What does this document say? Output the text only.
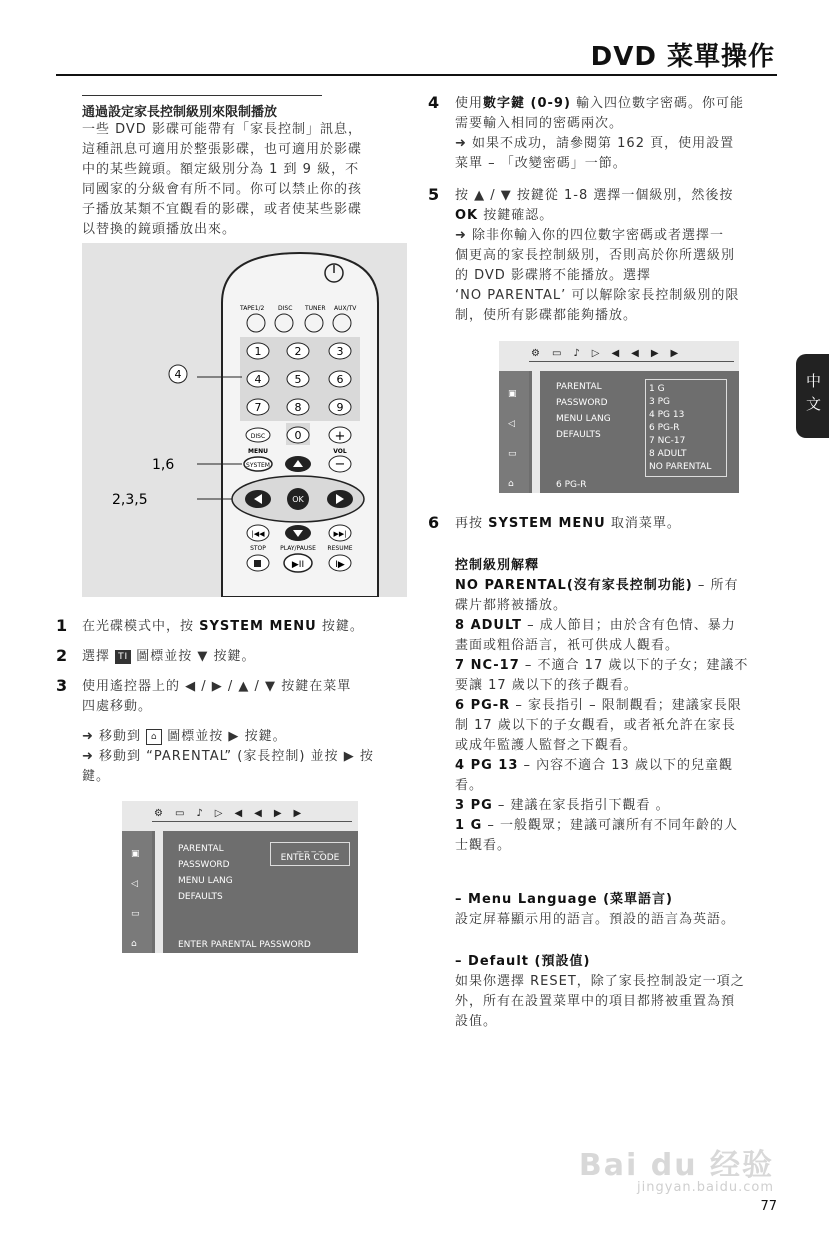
DVD 菜單操作
中文
通過設定家長控制級別來限制播放

一些 DVD 影碟可能帶有「家長控制」訊息，

這種訊息可適用於整張影碟，也可適用於影碟

中的某些鏡頭。額定級別分為 1 到 9 級，不

同國家的分級會有所不同。你可以禁止你的孩

子播放某類不宜觀看的影碟，或者使某些影碟

以替換的鏡頭播放出來。

TAPE1/2 DISC TUNER AUX/TV
1	2	3
4	5	6
7	8	9
0
DISC
MENU
SYSTEM
+
VOL
−
OK
|◀◀	▶▶|
STOP PLAY/PAUSE RESUME
▶II	I▶
4
1,6
2,3,5
1 在光碟模式中，按 SYSTEM MENU 按鍵。
2 選擇 TI 圖標並按 ▼ 按鍵。
3 使用遙控器上的 ◀ / ▶ / ▲ / ▼ 按鍵在菜單

四處移動。

➜ 移動到 ⌂ 圖標並按 ▶ 按鍵。

➜ 移動到 “PARENTAL” (家長控制) 並按 ▶ 按

鍵。

⚙▭♪▷◀◀▶▶
▣
◁
▭
⌂
PARENTAL
PASSWORD
MENU LANG
DEFAULTS
_ _ _ _
ENTER CODE
ENTER PARENTAL PASSWORD
4 使用數字鍵 (0-9) 輸入四位數字密碼。你可能

需要輸入相同的密碼兩次。

➜ 如果不成功，請參閱第 162 頁，使用設置

菜單 – 「改變密碼」一節。

5 按 ▲ / ▼ 按鍵從 1-8 選擇一個級別，然後按

OK 按鍵確認。

➜ 除非你輸入你的四位數字密碼或者選擇一

個更高的家長控制級別，否則高於你所選級別

的 DVD 影碟將不能播放。選擇

‘NO PARENTAL’ 可以解除家長控制級別的限

制，使所有影碟都能夠播放。

⚙▭♪▷◀◀▶▶
▣
◁
▭
⌂
PARENTAL
PASSWORD
MENU LANG
DEFAULTS
1 G
3 PG
4 PG 13
6 PG-R
7 NC-17
8 ADULT
NO PARENTAL
6 PG-R
6 再按 SYSTEM MENU 取消菜單。

控制級別解釋

NO PARENTAL(沒有家長控制功能) – 所有

碟片都將被播放。

8 ADULT – 成人節目；由於含有色情、暴力

畫面或粗俗語言，衹可供成人觀看。

7 NC-17 – 不適合 17 歲以下的子女；建議不

要讓 17 歲以下的孩子觀看。

6 PG-R – 家長指引 – 限制觀看；建議家長限

制 17 歲以下的子女觀看，或者衹允許在家長

或成年監護人監督之下觀看。

4 PG 13 – 內容不適合 13 歲以下的兒童觀

看。

3 PG – 建議在家長指引下觀看 。

1 G – 一般觀眾；建議可讓所有不同年齡的人

士觀看。

– Menu Language (菜單語言)

設定屏幕顯示用的語言。預設的語言為英語。

– Default (預設值)

如果你選擇 RESET，除了家長控制設定一項之

外，所有在設置菜單中的項目都將被重置為預

設值。

Bai du 经验
jingyan.baidu.com
77
